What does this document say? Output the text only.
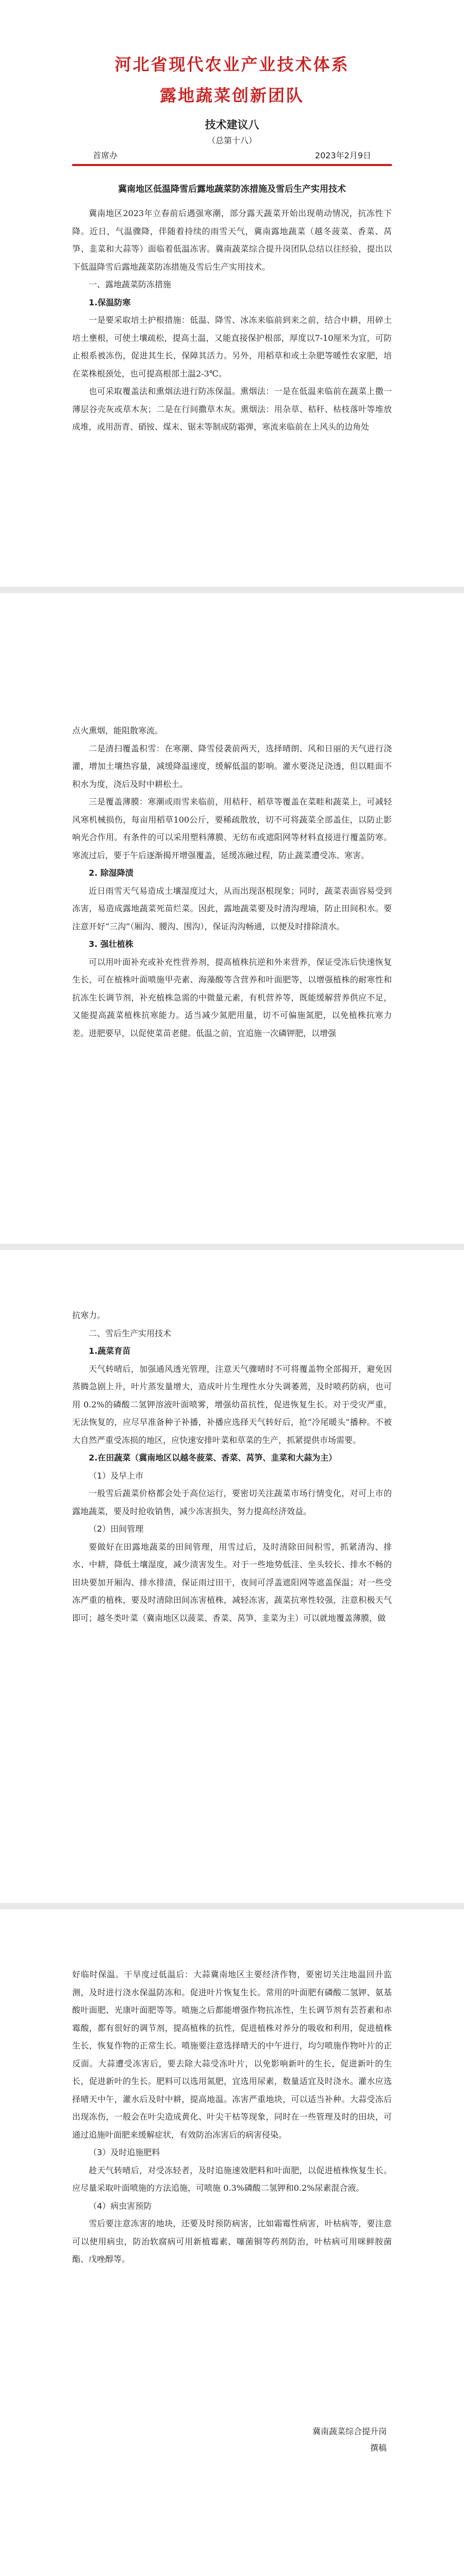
河北省现代农业产业技术体系
露地蔬菜创新团队
技术建议八
（总第十八）
首席办	2023年2月9日
冀南地区低温降雪后露地蔬菜防冻措施及雪后生产实用技术

冀南地区2023年立春前后遇强寒潮，部分露天蔬菜开始出现萌动情况，抗冻性下降。近日，气温骤降，伴随着持续的雨雪天气，冀南露地蔬菜（越冬菠菜、香菜、莴笋、韭菜和大蒜等）面临着低温冻害。冀南蔬菜综合提升岗团队总结以往经验，提出以下低温降雪后露地蔬菜防冻措施及雪后生产实用技术。

一、露地蔬菜防冻措施
1.保温防寒

一是要采取培土护根措施：低温、降雪、冰冻来临前到来之前，结合中耕，用碎土培土壅根，可使土壤疏松，提高土温，又能直接保护根部，厚度以7-10厘米为宜，可防止根系被冻伤，促进其生长，保障其活力。另外，用稻草和或土杂肥等暖性农家肥，培在菜株根颈处，也可提高根部土温2-3℃。

也可采取覆盖法和熏烟法进行防冻保温。熏烟法：一是在低温来临前在蔬菜上撒一薄层谷壳灰或草木灰；二是在行间撒草木灰。熏烟法：用杂草、秸秆、枯枝落叶等堆放成堆，或用沥青、硝铵、煤末、锯末等制成防霜弹，寒流来临前在上风头的边角处

点火熏烟，能阻散寒流。

二是清扫覆盖积雪：在寒潮、降雪侵袭前两天，选择晴朗、风和日丽的天气进行浇灌，增加土壤热容量，减缓降温速度，缓解低温的影响。灌水要浇足浇透，但以畦面不积水为度，浇后及时中耕松土。

三是覆盖薄膜：寒潮或雨雪来临前，用秸秆、稻草等覆盖在菜畦和蔬菜上，可减轻风寒机械损伤，每亩用稻草100公斤，要稀疏散放，切不可将蔬菜全部盖住，以防止影响光合作用。有条件的可以采用塑料薄膜、无纺布或遮阳网等材料直接进行覆盖防寒。寒流过后，要于午后逐渐揭开增强覆盖，延缓冻融过程，防止蔬菜遭受冻、寒害。

2. 除湿降渍

近日雨雪天气易造成土壤湿度过大，从而出现沤根现象；同时，蔬菜表面容易受到冻害，易造成露地蔬菜死苗烂菜。因此，露地蔬菜要及时清沟理墒，防止田间积水。要注意开好“三沟”（厢沟、腰沟、围沟），保证沟沟畅通，以便及时排除渍水。

3. 强壮植株

可以用叶面补充或补充性营养剂，提高植株抗逆和外来营养，保证受冻后快速恢复生长，可在植株叶面喷施甲壳素、海藻酸等含营养和叶面肥等，以增强植株的耐寒性和抗冻生长调节剂，补充植株急需的中微量元素，有机营养等，既能缓解营养供应不足，又能提高蔬菜植株抗寒能力。适当减少氮肥用量，切不可偏施氮肥，以免植株抗寒力差。进肥要早，以促使菜苗老健。低温之前，宜追施一次磷钾肥，以增强

抗寒力。

二、雪后生产实用技术
1.蔬菜育苗

天气转晴后，加强通风透光管理，注意天气骤晴时不可将覆盖物全部揭开，避免因蒸腾急剧上升，叶片蒸发量增大，造成叶片生理性水分失调萎蔫，及时喷药防病，也可用 0.2%的磷酸二氢钾溶液叶面喷雾，增强幼苗抗性，促进恢复生长。对于受灾严重，无法恢复的，应尽早准备种子补播，补播应选择天气转好后，抢“冷尾暖头”播种。不被大自然严重受冻损的地区，应快速安排叶菜和草菜的生产，抓紧提供市场需要。

2.在田蔬菜（冀南地区以越冬菠菜、香菜、莴笋、韭菜和大蒜为主）
（1）及早上市

一般雪后蔬菜价格都会处于高位运行，要密切关注蔬菜市场行情变化，对可上市的露地蔬菜，要及时抢收销售，减少冻害损失，努力提高经济效益。

（2）田间管理

要做好在田露地蔬菜的田间管理，用雪过后，及时清除田间积雪，抓紧清沟、排水、中耕，降低土壤湿度，减少渍害发生。对于一些地势低洼、坐头较长、排水不畅的田块要加开厢沟、排水排渍，保证雨过田干，夜间可浮盖遮阳网等遮盖保温；对一些受冻严重的植株，要及时清除田间冻害植株，减轻冻害，蔬菜抗寒性较强，注意积极天气即可；越冬类叶菜（冀南地区以菠菜、香菜、莴笋、韭菜为主）可以就地覆盖薄膜，做

好临时保温。干旱度过低温后：大蒜冀南地区主要经济作物，要密切关注地温回升监测，及时进行浇水保温防冻和。促进叶片恢复生长。常用的叶面肥有磷酸二氢钾、氨基酸叶面肥、光康叶面肥等等。喷施之后都能增强作物抗冻性，生长调节剂有芸苔素和赤霉酸，都有很好的调节剂，提高植株的抗性，促进植株对养分的吸收和利用，促进植株生长，恢复作物的正常生长。喷施要注意选择晴天的中午进行，均匀喷施作物叶片的正反面。大蒜遭受冻害后，要去除大蒜受冻叶片，以免影响新叶的生长，促进新叶的生长，促进新叶的生长。肥料可以选用氮肥，宜选用尿素，数量适宜及时浇水。灌水应选择晴天中午，灌水后及时中耕，提高地温。冻害严重地块，可以适当补种。大蒜受冻后出现冻伤，一般会在叶尖造成黄化、叶尖干枯等现象，同时在一些管理及时的田块，可通过追施叶面肥来缓解症状，有效防治冻害后的病害侵染。

（3）及时追施肥料

趁天气转晴后，对受冻轻者，及时追施速效肥料和叶面肥，以促进植株恢复生长。应尽量采取叶面喷施的方法追施，可喷施 0.3%磷酸二氢钾和0.2%尿素混合液。

（4）病虫害预防

雪后要注意冻害的地块，还要及时预防病害，比如霜霉性病害，叶枯病等，要注意可以使用病虫，防治软腐病可用新植霉素、噻菌铜等药剂防治，叶枯病可用咪鲜胺菌酯、戊唑醇等。

冀南蔬菜综合提升岗
撰稿
